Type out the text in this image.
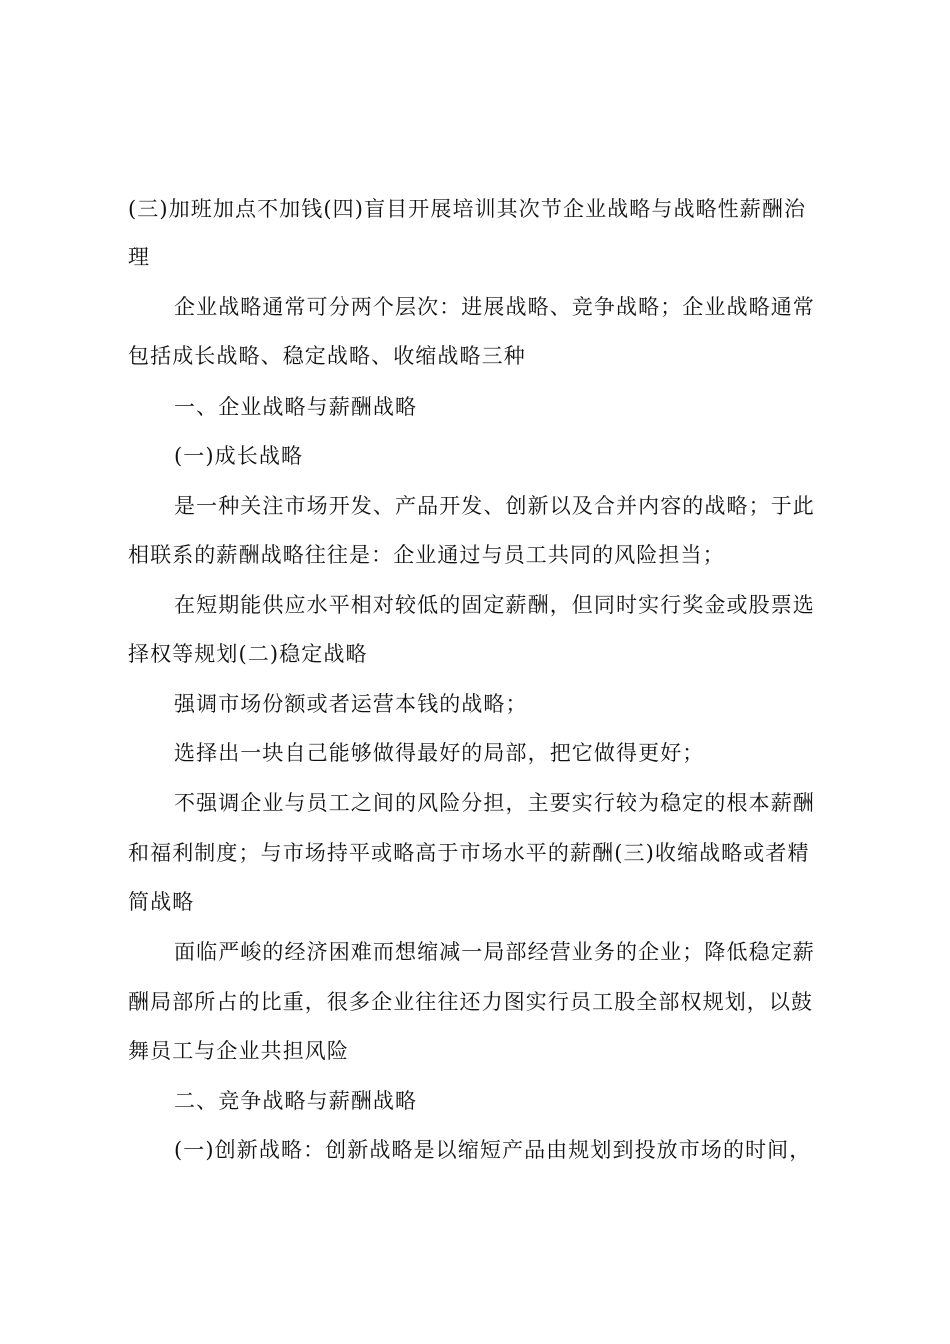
(三)加班加点不加钱(四)盲目开展培训其次节企业战略与战略性薪酬治
理
企业战略通常可分两个层次：进展战略、竞争战略；企业战略通常
包括成长战略、稳定战略、收缩战略三种
一、企业战略与薪酬战略
(一)成长战略
是一种关注市场开发、产品开发、创新以及合并内容的战略；于此
相联系的薪酬战略往往是：企业通过与员工共同的风险担当；
在短期能供应水平相对较低的固定薪酬，但同时实行奖金或股票选
择权等规划(二)稳定战略
强调市场份额或者运营本钱的战略；
选择出一块自己能够做得最好的局部，把它做得更好；
不强调企业与员工之间的风险分担，主要实行较为稳定的根本薪酬
和福利制度；与市场持平或略高于市场水平的薪酬(三)收缩战略或者精
简战略
面临严峻的经济困难而想缩减一局部经营业务的企业；降低稳定薪
酬局部所占的比重，很多企业往往还力图实行员工股全部权规划，以鼓
舞员工与企业共担风险
二、竞争战略与薪酬战略
(一)创新战略：创新战略是以缩短产品由规划到投放市场的时间，
